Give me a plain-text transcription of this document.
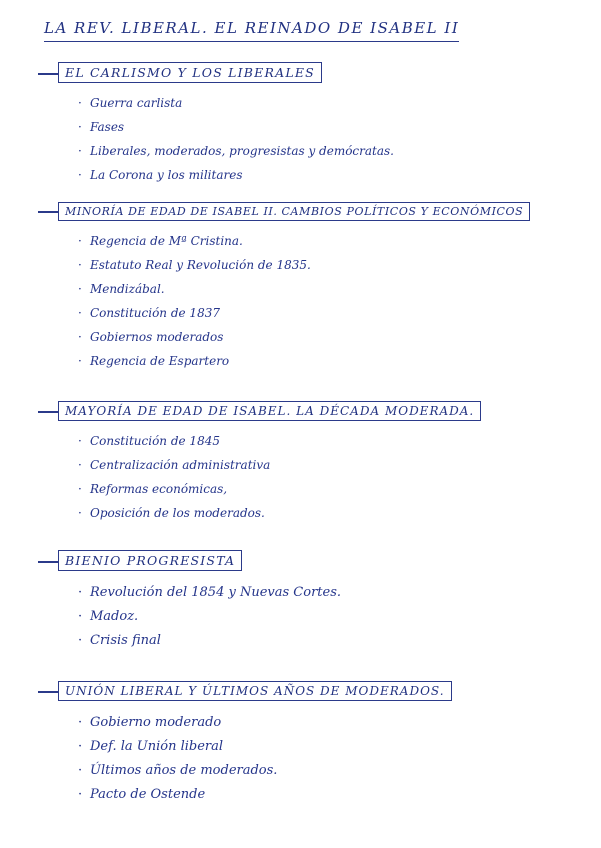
LA REV. LIBERAL. EL REINADO DE ISABEL II
EL CARLISMO Y LOS LIBERALES
· Guerra carlista
· Fases
· Liberales, moderados, progresistas y demócratas.
· La Corona y los militares
MINORÍA DE EDAD DE ISABEL II. CAMBIOS POLÍTICOS Y ECONÓMICOS
· Regencia de Mª Cristina.
· Estatuto Real y Revolución de 1835.
· Mendizábal.
· Constitución de 1837
· Gobiernos moderados
· Regencia de Espartero
MAYORÍA DE EDAD DE ISABEL. LA DÉCADA MODERADA.
· Constitución de 1845
· Centralización administrativa
· Reformas económicas,
· Oposición de los moderados.
BIENIO PROGRESISTA
· Revolución del 1854 y Nuevas Cortes.
· Madoz.
· Crisis final
UNIÓN LIBERAL Y ÚLTIMOS AÑOS DE MODERADOS.
· Gobierno moderado
· Def. la Unión liberal
· Últimos años de moderados.
· Pacto de Ostende
